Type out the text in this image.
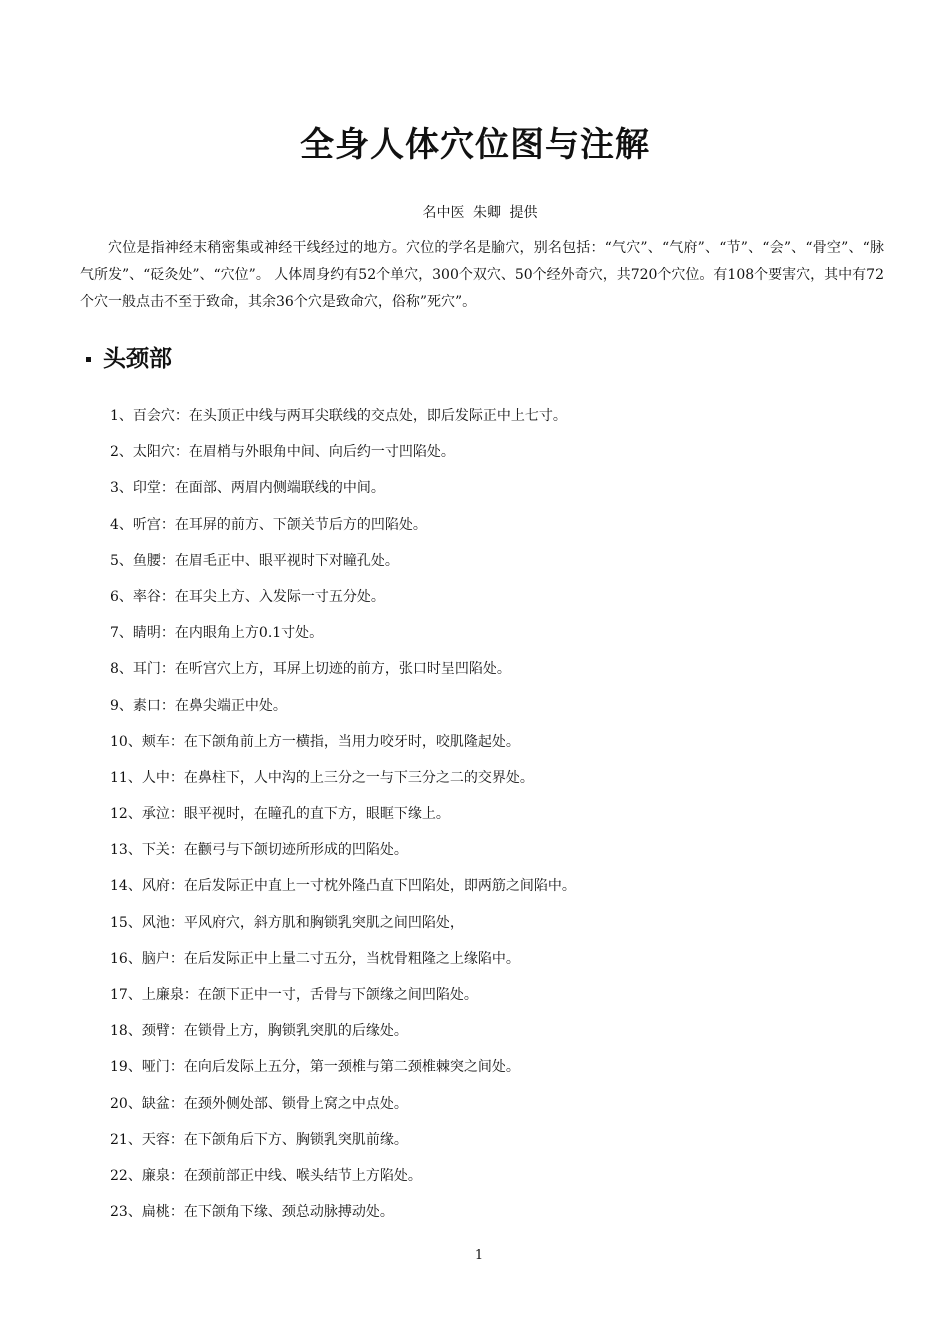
全身人体穴位图与注解
名中医 朱卿 提供

穴位是指神经末稍密集或神经干线经过的地方。穴位的学名是腧穴，别名包括：“气穴”、“气府”、“节”、“会”、“骨空”、“脉气所发”、“砭灸处”、“穴位”。 人体周身约有52个单穴，300个双穴、50个经外奇穴，共720个穴位。有108个要害穴，其中有72个穴一般点击不至于致命，其余36个穴是致命穴，俗称”死穴”。

头颈部
1、百会穴：在头顶正中线与两耳尖联线的交点处，即后发际正中上七寸。
2、太阳穴：在眉梢与外眼角中间、向后约一寸凹陷处。
3、印堂：在面部、两眉内侧端联线的中间。
4、听宫：在耳屏的前方、下颌关节后方的凹陷处。
5、鱼腰：在眉毛正中、眼平视时下对瞳孔处。
6、率谷：在耳尖上方、入发际一寸五分处。
7、睛明：在内眼角上方0.1寸处。
8、耳门：在听宫穴上方，耳屏上切迹的前方，张口时呈凹陷处。
9、素口：在鼻尖端正中处。
10、颊车：在下颌角前上方一横指，当用力咬牙时，咬肌隆起处。
11、人中：在鼻柱下，人中沟的上三分之一与下三分之二的交界处。
12、承泣：眼平视时，在瞳孔的直下方，眼眶下缘上。
13、下关：在颧弓与下颌切迹所形成的凹陷处。
14、风府：在后发际正中直上一寸枕外隆凸直下凹陷处，即两筋之间陷中。
15、风池：平风府穴，斜方肌和胸锁乳突肌之间凹陷处，
16、脑户：在后发际正中上量二寸五分，当枕骨粗隆之上缘陷中。
17、上廉泉：在颌下正中一寸，舌骨与下颌缘之间凹陷处。
18、颈臂：在锁骨上方，胸锁乳突肌的后缘处。
19、哑门：在向后发际上五分，第一颈椎与第二颈椎棘突之间处。
20、缺盆：在颈外侧处部、锁骨上窝之中点处。
21、天容：在下颌角后下方、胸锁乳突肌前缘。
22、廉泉：在颈前部正中线、喉头结节上方陷处。
23、扁桃：在下颌角下缘、颈总动脉搏动处。
1
